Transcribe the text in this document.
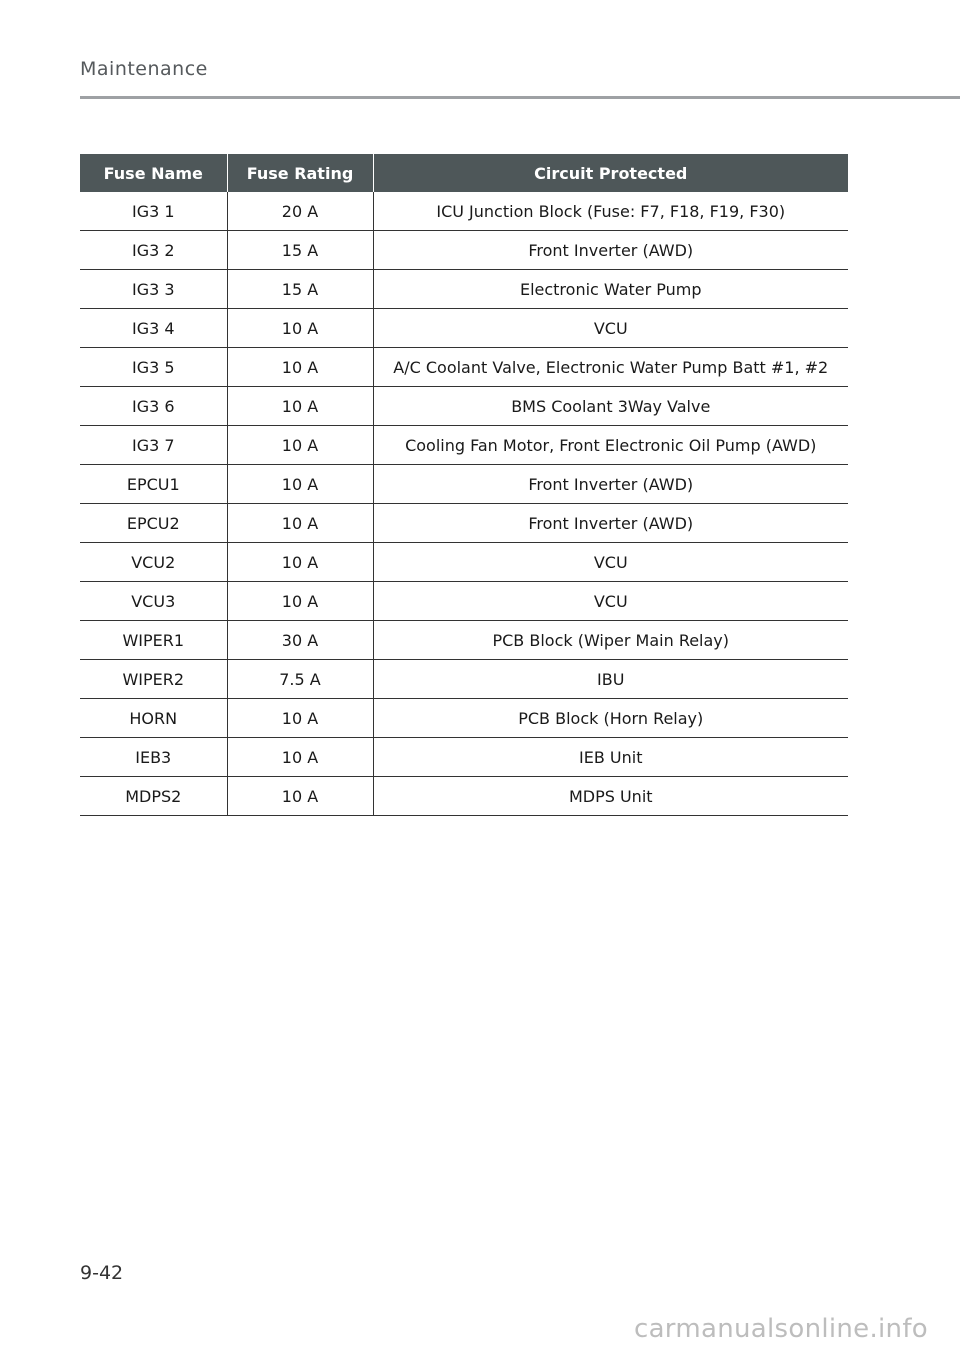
Maintenance
Fuse Name	Fuse Rating	Circuit Protected
IG3 1	20 A	ICU Junction Block (Fuse: F7, F18, F19, F30)
IG3 2	15 A	Front Inverter (AWD)
IG3 3	15 A	Electronic Water Pump
IG3 4	10 A	VCU
IG3 5	10 A	A/C Coolant Valve, Electronic Water Pump Batt #1, #2
IG3 6	10 A	BMS Coolant 3Way Valve
IG3 7	10 A	Cooling Fan Motor, Front Electronic Oil Pump (AWD)
EPCU1	10 A	Front Inverter (AWD)
EPCU2	10 A	Front Inverter (AWD)
VCU2	10 A	VCU
VCU3	10 A	VCU
WIPER1	30 A	PCB Block (Wiper Main Relay)
WIPER2	7.5 A	IBU
HORN	10 A	PCB Block (Horn Relay)
IEB3	10 A	IEB Unit
MDPS2	10 A	MDPS Unit
9-42
carmanualsonline.info
